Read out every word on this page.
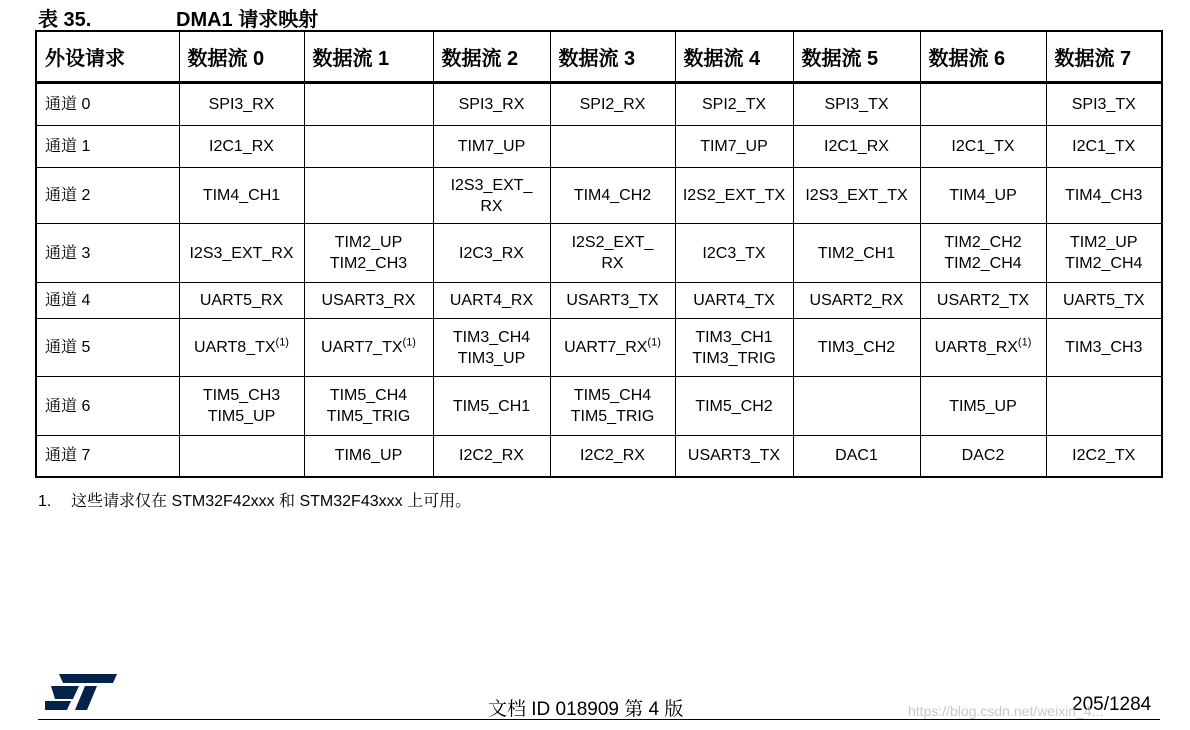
表 35.	DMA1 请求映射
外设请求	数据流 0	数据流 1	数据流 2	数据流 3	数据流 4	数据流 5	数据流 6	数据流 7
通道 0	SPI3_RX		SPI3_RX	SPI2_RX	SPI2_TX	SPI3_TX		SPI3_TX

通道 1	I2C1_RX		TIM7_UP		TIM7_UP	I2C1_RX	I2C1_TX	I2C1_TX

通道 2	TIM4_CH1		I2S3_EXT_
RX	TIM4_CH2	I2S2_EXT_TX	I2S3_EXT_TX	TIM4_UP	TIM4_CH3

通道 3	I2S3_EXT_RX	TIM2_UP
TIM2_CH3	I2C3_RX	I2S2_EXT_
RX	I2C3_TX	TIM2_CH1	TIM2_CH2
TIM2_CH4	TIM2_UP
TIM2_CH4

通道 4	UART5_RX	USART3_RX	UART4_RX	USART3_TX	UART4_TX	USART2_RX	USART2_TX	UART5_TX

通道 5	UART8_TX$^{(1)}$	UART7_TX$^{(1)}$	TIM3_CH4
TIM3_UP	UART7_RX$^{(1)}$	TIM3_CH1
TIM3_TRIG	TIM3_CH2	UART8_RX$^{(1)}$	TIM3_CH3

通道 6	TIM5_CH3
TIM5_UP	TIM5_CH4
TIM5_TRIG	TIM5_CH1	TIM5_CH4
TIM5_TRIG	TIM5_CH2		TIM5_UP	

通道 7		TIM6_UP	I2C2_RX	I2C2_RX	USART3_TX	DAC1	DAC2	I2C2_TX
1. 这些请求仅在 STM32F42xxx 和 STM32F43xxx 上可用。
文档 ID 018909 第 4 版	205/1284
https://blog.csdn.net/weixin_4...
